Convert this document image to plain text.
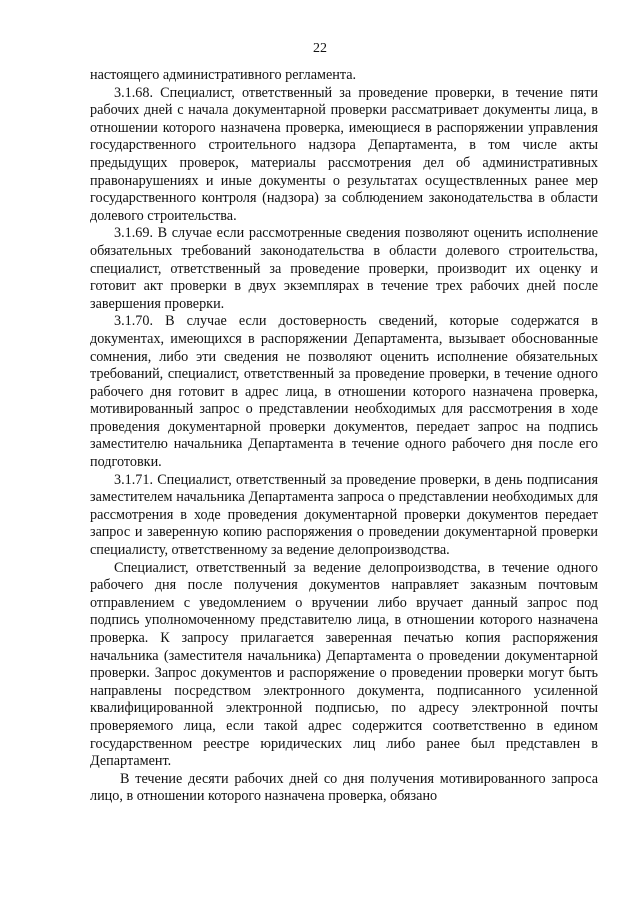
22

настоящего административного регламента.

3.1.68. Специалист, ответственный за проведение проверки, в течение пяти рабочих дней с начала документарной проверки рассматривает документы лица, в отношении которого назначена проверка, имеющиеся в распоряжении управления государственного строительного надзора Департамента, в том числе акты предыдущих проверок, материалы рассмотрения дел об административных правонарушениях и иные документы о результатах осуществленных ранее мер государственного контроля (надзора) за соблюдением законодательства в области долевого строительства.

3.1.69. В случае если рассмотренные сведения позволяют оценить исполнение обязательных требований законодательства в области долевого строительства, специалист, ответственный за проведение проверки, производит их оценку и готовит акт проверки в двух экземплярах в течение трех рабочих дней после завершения проверки.

3.1.70. В случае если достоверность сведений, которые содержатся в документах, имеющихся в распоряжении Департамента, вызывает обоснованные сомнения, либо эти сведения не позволяют оценить исполнение обязательных требований, специалист, ответственный за проведение проверки, в течение одного рабочего дня готовит в адрес лица, в отношении которого назначена проверка, мотивированный запрос о представлении необходимых для рассмотрения в ходе проведения документарной проверки документов, передает запрос на подпись заместителю начальника Департамента в течение одного рабочего дня после его подготовки.

3.1.71. Специалист, ответственный за проведение проверки, в день подписания заместителем начальника Департамента запроса о представлении необходимых для рассмотрения в ходе проведения документарной проверки документов передает запрос и заверенную копию распоряжения о проведении документарной проверки специалисту, ответственному за ведение делопроизводства.

Специалист, ответственный за ведение делопроизводства, в течение одного рабочего дня после получения документов направляет заказным почтовым отправлением с уведомлением о вручении либо вручает данный запрос под подпись уполномоченному представителю лица, в отношении которого назначена проверка. К запросу прилагается заверенная печатью копия распоряжения начальника (заместителя начальника) Департамента о проведении документарной проверки. Запрос документов и распоряжение о проведении проверки могут быть направлены посредством электронного документа, подписанного усиленной квалифицированной электронной подписью, по адресу электронной почты проверяемого лица, если такой адрес содержится соответственно в едином государственном реестре юридических лиц либо ранее был представлен в Департамент.

В течение десяти рабочих дней со дня получения мотивированного запроса лицо, в отношении которого назначена проверка, обязано
